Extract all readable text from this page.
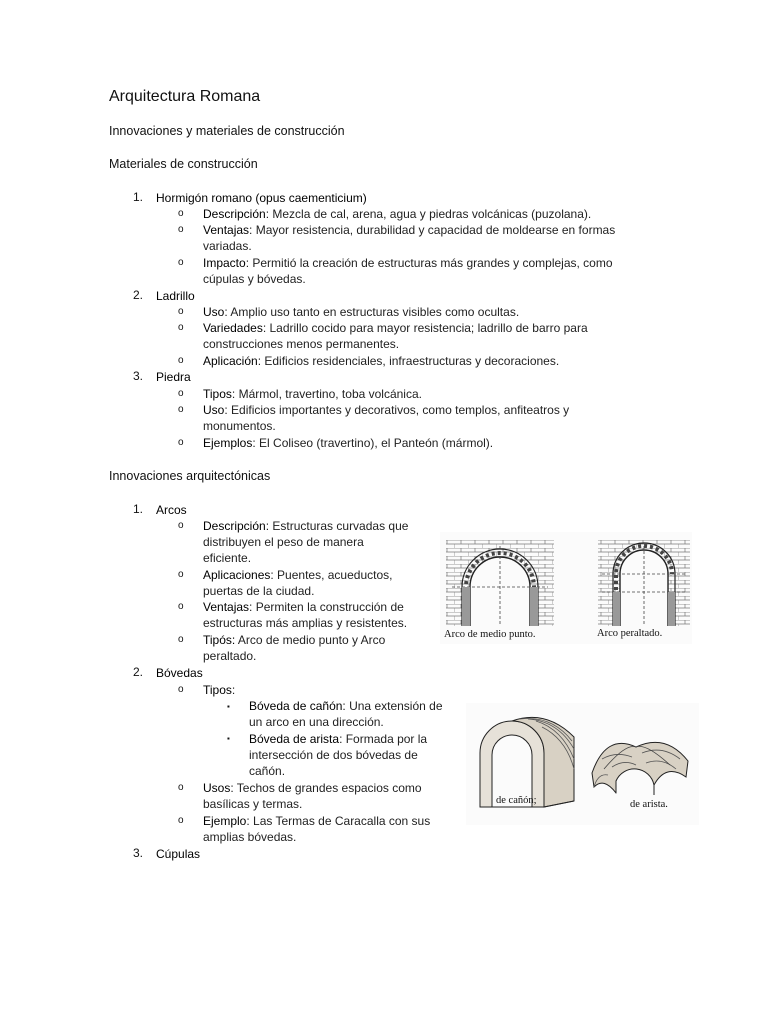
Arquitectura Romana
Innovaciones y materiales de construcción
Materiales de construcción
1. Hormigón romano (opus caementicium)
o Descripción: Mezcla de cal, arena, agua y piedras volcánicas (puzolana).
o Ventajas: Mayor resistencia, durabilidad y capacidad de moldearse en formas
variadas.
o Impacto: Permitió la creación de estructuras más grandes y complejas, como
cúpulas y bóvedas.
2. Ladrillo
o Uso: Amplio uso tanto en estructuras visibles como ocultas.
o Variedades: Ladrillo cocido para mayor resistencia; ladrillo de barro para
construcciones menos permanentes.
o Aplicación: Edificios residenciales, infraestructuras y decoraciones.
3. Piedra
o Tipos: Mármol, travertino, toba volcánica.
o Uso: Edificios importantes y decorativos, como templos, anfiteatros y
monumentos.
o Ejemplos: El Coliseo (travertino), el Panteón (mármol).
Innovaciones arquitectónicas
1. Arcos
o Descripción: Estructuras curvadas que
distribuyen el peso de manera
eficiente.
o Aplicaciones: Puentes, acueductos,
puertas de la ciudad.
o Ventajas: Permiten la construcción de
estructuras más amplias y resistentes.
o Tipós: Arco de medio punto y Arco
peraltado.
Arco de medio punto.	Arco peraltado.
2. Bóvedas
o Tipos:
▪ Bóveda de cañón: Una extensión de
un arco en una dirección.
▪ Bóveda de arista: Formada por la
intersección de dos bóvedas de
cañón.
o Usos: Techos de grandes espacios como
basílicas y termas.
o Ejemplo: Las Termas de Caracalla con sus
amplias bóvedas.
de cañón;	de arista.
3. Cúpulas
